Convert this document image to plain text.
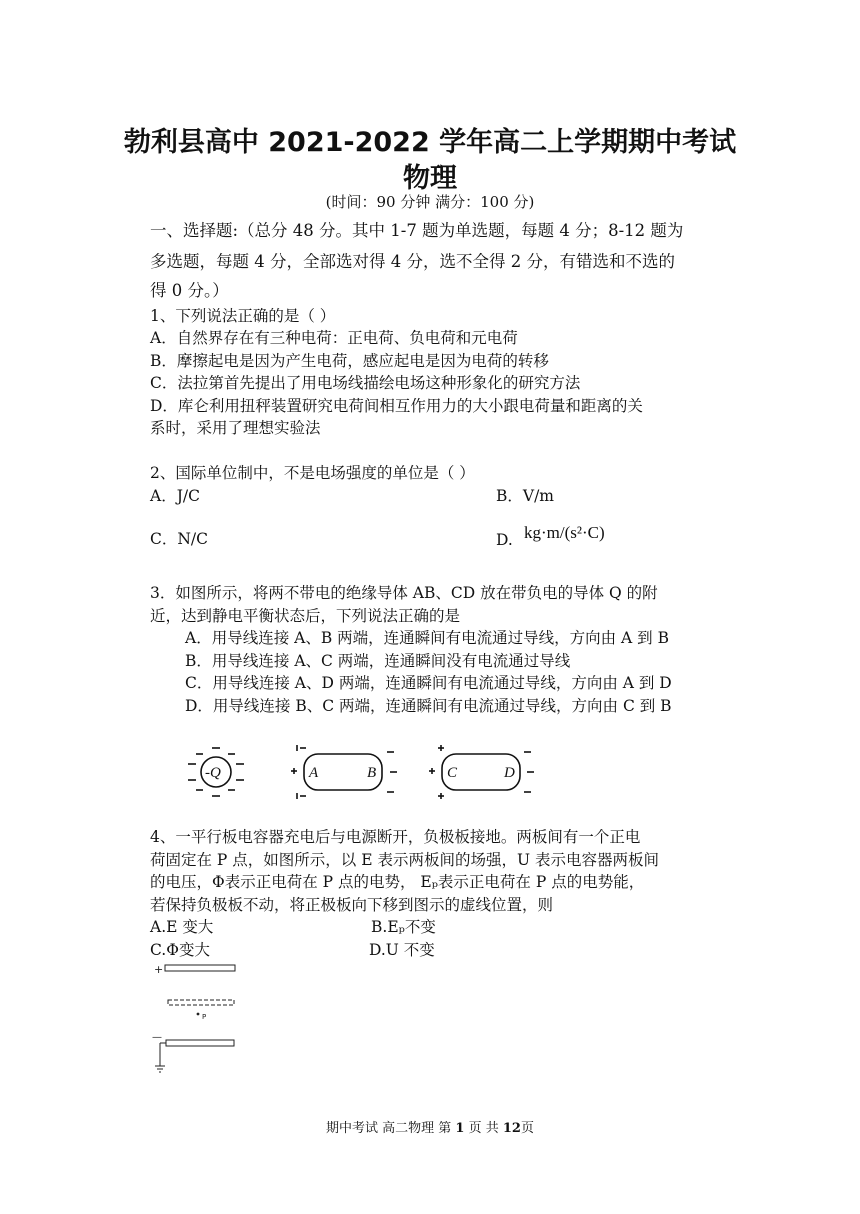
勃利县高中 2021-2022 学年高二上学期期中考试
物理
(时间：90 分钟 满分：100 分)
一、选择题:（总分 48 分。其中 1-7 题为单选题，每题 4 分；8-12 题为
多选题，每题 4 分，全部选对得 4 分，选不全得 2 分，有错选和不选的
得 0 分。）
1、下列说法正确的是（ ）
A．自然界存在有三种电荷：正电荷、负电荷和元电荷
B．摩擦起电是因为产生电荷，感应起电是因为电荷的转移
C．法拉第首先提出了用电场线描绘电场这种形象化的研究方法
D．库仑利用扭秤装置研究电荷间相互作用力的大小跟电荷量和距离的关
系时，采用了理想实验法
2、国际单位制中，不是电场强度的单位是（ ）
A．J/C	B．V/m
C．N/C	D. kg·m/(s²·C)
3．如图所示，将两不带电的绝缘导体 AB、CD 放在带负电的导体 Q 的附
近，达到静电平衡状态后，下列说法正确的是
A．用导线连接 A、B 两端，连通瞬间有电流通过导线，方向由 A 到 B
B．用导线连接 A、C 两端，连通瞬间没有电流通过导线
C．用导线连接 A、D 两端，连通瞬间有电流通过导线，方向由 A 到 D
D．用导线连接 B、C 两端，连通瞬间有电流通过导线，方向由 C 到 B
-Q	A	B	C	D
4、一平行板电容器充电后与电源断开，负极板接地。两板间有一个正电
荷固定在 P 点，如图所示，以 E 表示两板间的场强，U 表示电容器两板间
的电压，Φ表示正电荷在 P 点的电势， Eₚ表示正电荷在 P 点的电势能，
若保持负极板不动，将正极板向下移到图示的虚线位置，则
A.E 变大	B.Eₚ不变
C.Φ变大	D.U 不变
+
—
P
期中考试 高二物理 第 1 页 共 12页
